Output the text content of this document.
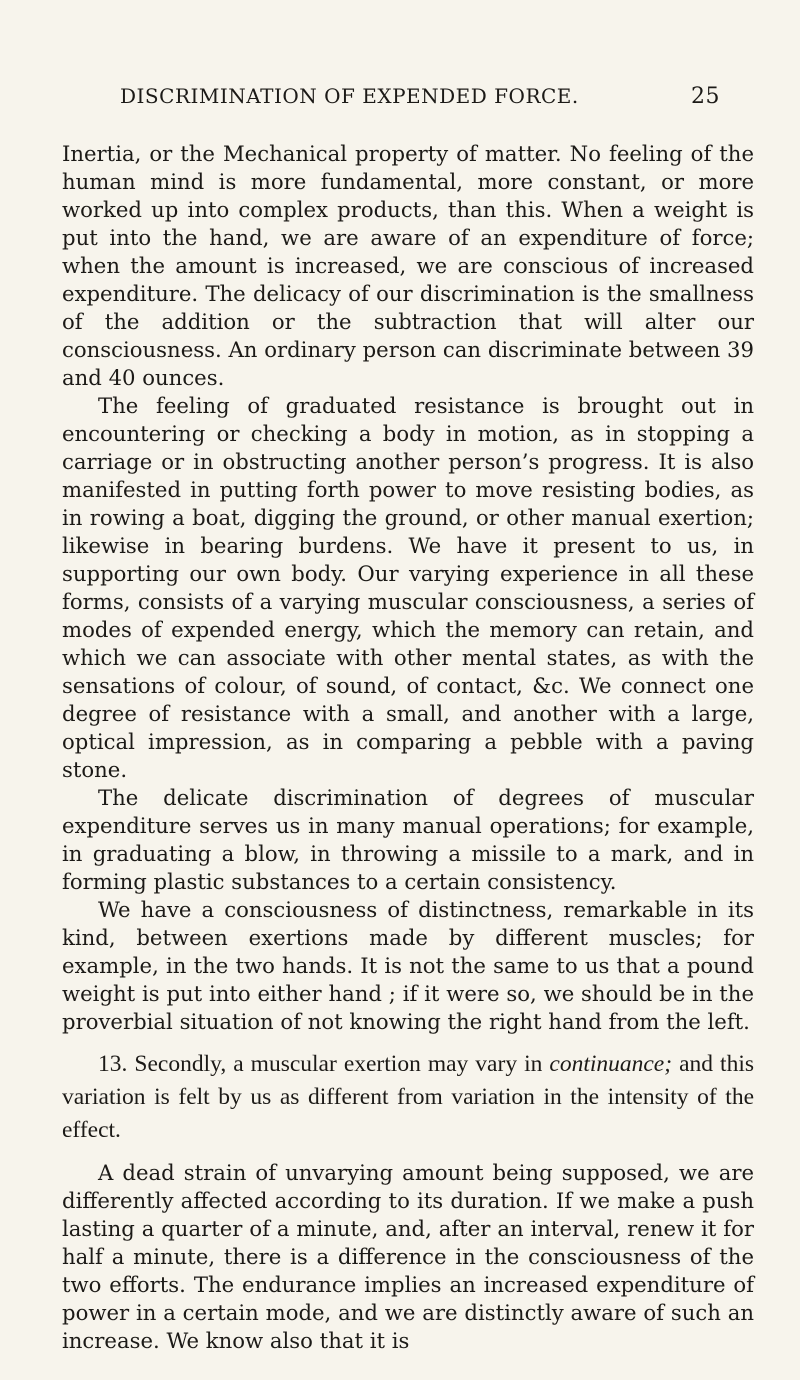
DISCRIMINATION OF EXPENDED FORCE.	25

Inertia, or the Mechanical property of matter. No feeling of the human mind is more fundamental, more constant, or more worked up into complex products, than this. When a weight is put into the hand, we are aware of an expenditure of force; when the amount is increased, we are conscious of increased expenditure. The delicacy of our discrimination is the smallness of the addition or the subtraction that will alter our consciousness. An ordinary person can discriminate between 39 and 40 ounces.

The feeling of graduated resistance is brought out in encountering or checking a body in motion, as in stopping a carriage or in obstructing another person’s progress. It is also manifested in putting forth power to move resisting bodies, as in rowing a boat, digging the ground, or other manual exertion; likewise in bearing burdens. We have it present to us, in supporting our own body. Our varying experience in all these forms, consists of a varying muscular consciousness, a series of modes of expended energy, which the memory can retain, and which we can associate with other mental states, as with the sensations of colour, of sound, of contact, &c. We connect one degree of resistance with a small, and another with a large, optical impression, as in comparing a pebble with a paving stone.

The delicate discrimination of degrees of muscular expenditure serves us in many manual operations; for example, in graduating a blow, in throwing a missile to a mark, and in forming plastic substances to a certain consistency.

We have a consciousness of distinctness, remarkable in its kind, between exertions made by different muscles; for example, in the two hands. It is not the same to us that a pound weight is put into either hand ; if it were so, we should be in the proverbial situation of not knowing the right hand from the left.

13. Secondly, a muscular exertion may vary in continuance; and this variation is felt by us as different from variation in the intensity of the effect.

A dead strain of unvarying amount being supposed, we are differently affected according to its duration. If we make a push lasting a quarter of a minute, and, after an interval, renew it for half a minute, there is a difference in the consciousness of the two efforts. The endurance implies an increased expenditure of power in a certain mode, and we are distinctly aware of such an increase. We know also that it is
